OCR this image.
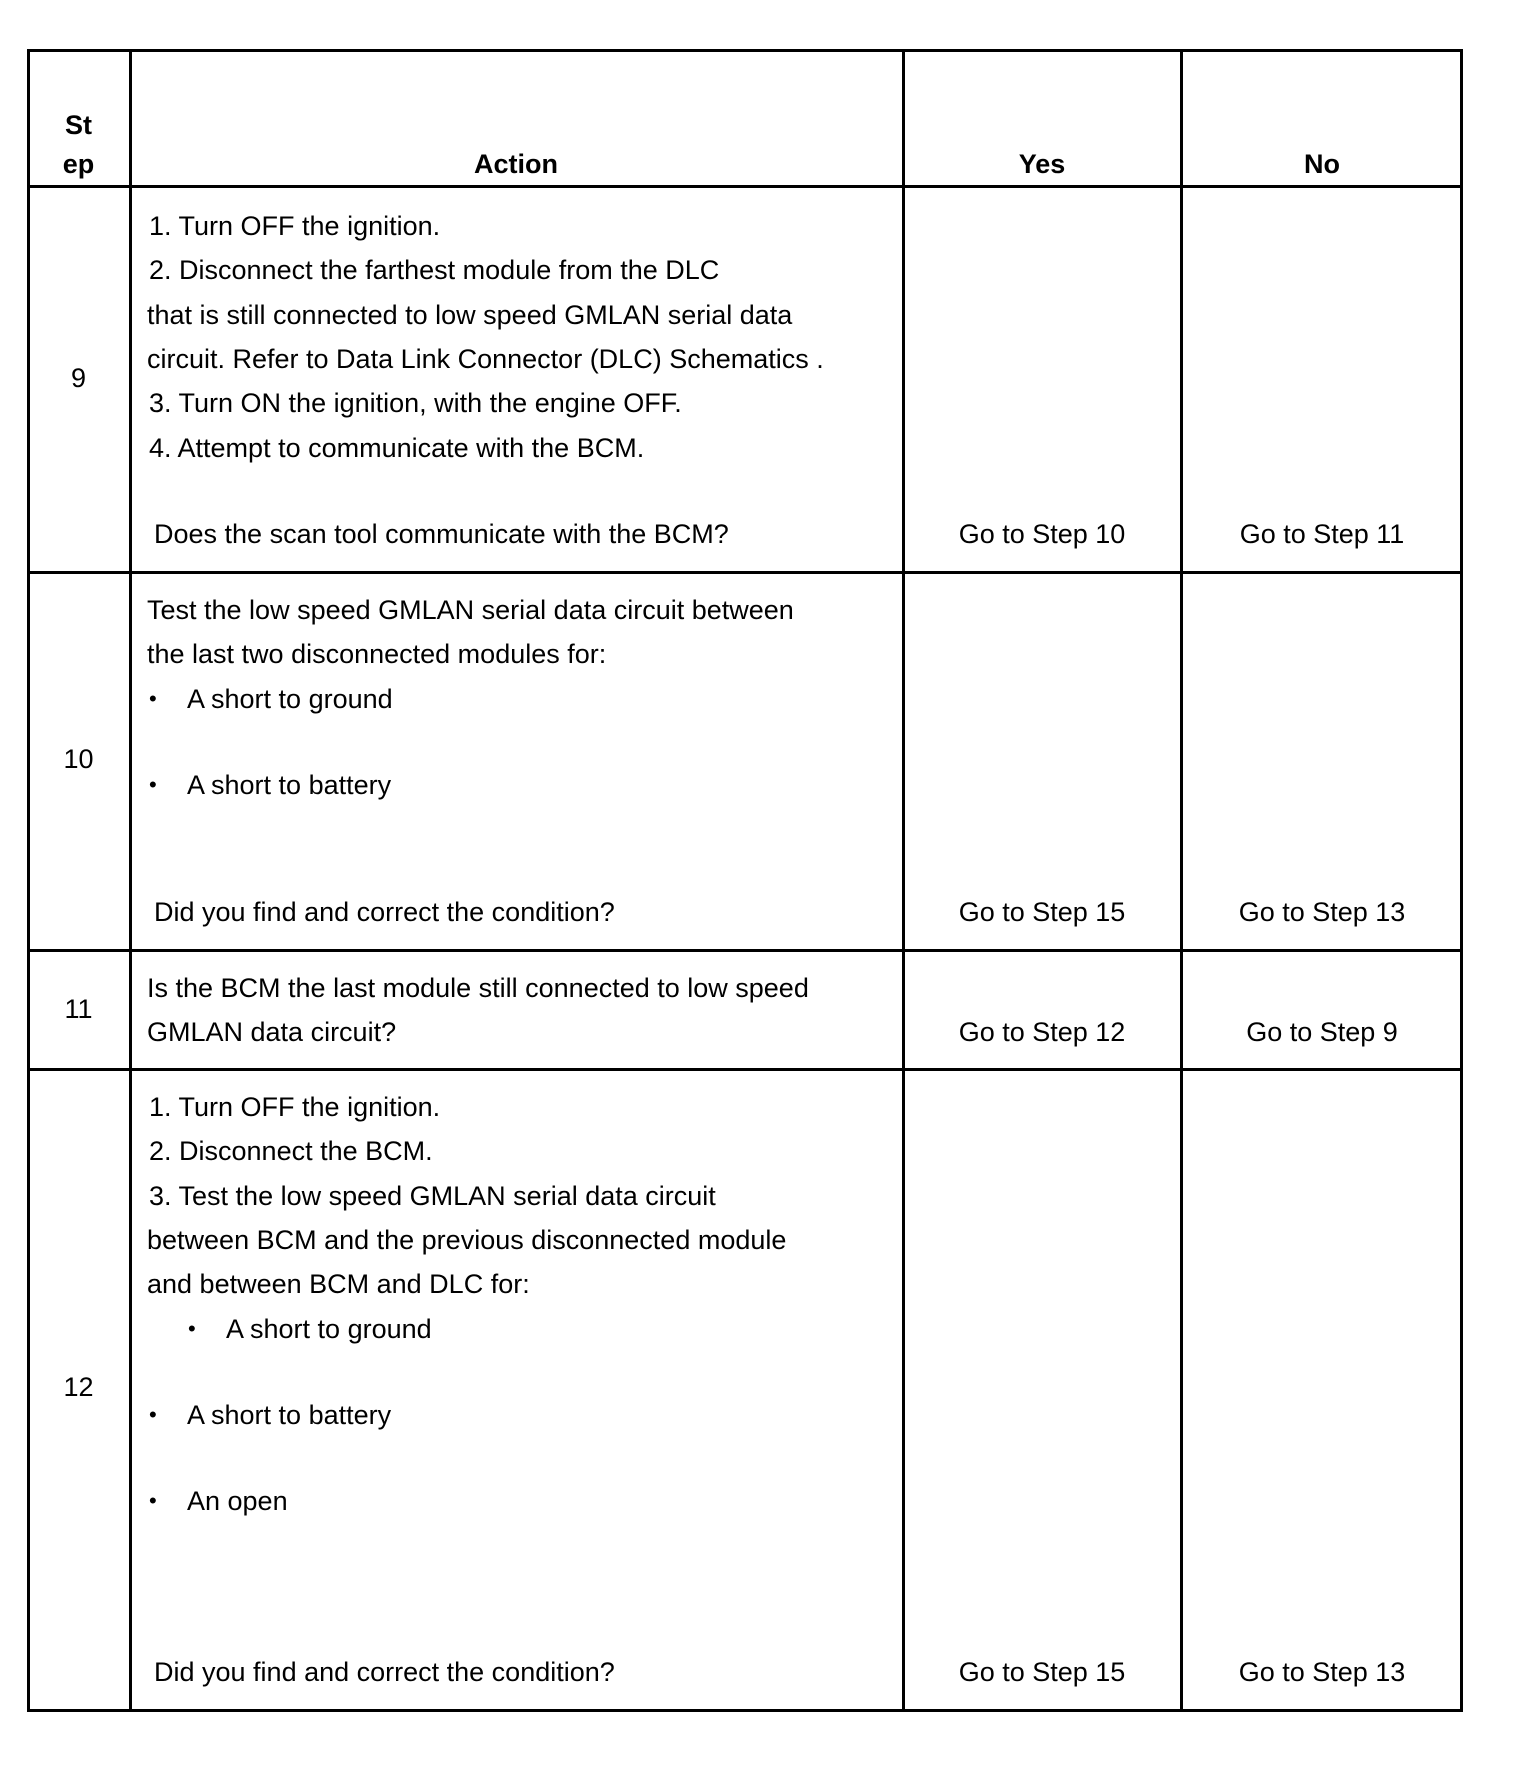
St
ep	Action	Yes	No
9
1. Turn OFF the ignition.
2. Disconnect the farthest module from the DLC
that is still connected to low speed GMLAN serial data
circuit. Refer to Data Link Connector (DLC) Schematics .
3. Turn ON the ignition, with the engine OFF.
4. Attempt to communicate with the BCM.
Does the scan tool communicate with the BCM?	Go to Step 10	Go to Step 11
10
Test the low speed GMLAN serial data circuit between
the last two disconnected modules for:
• A short to ground
• A short to battery
Did you find and correct the condition?	Go to Step 15	Go to Step 13
11
Is the BCM the last module still connected to low speed
GMLAN data circuit?	Go to Step 12	Go to Step 9
12
1. Turn OFF the ignition.
2. Disconnect the BCM.
3. Test the low speed GMLAN serial data circuit
between BCM and the previous disconnected module
and between BCM and DLC for:
• A short to ground
• A short to battery
• An open
Did you find and correct the condition?	Go to Step 15	Go to Step 13
